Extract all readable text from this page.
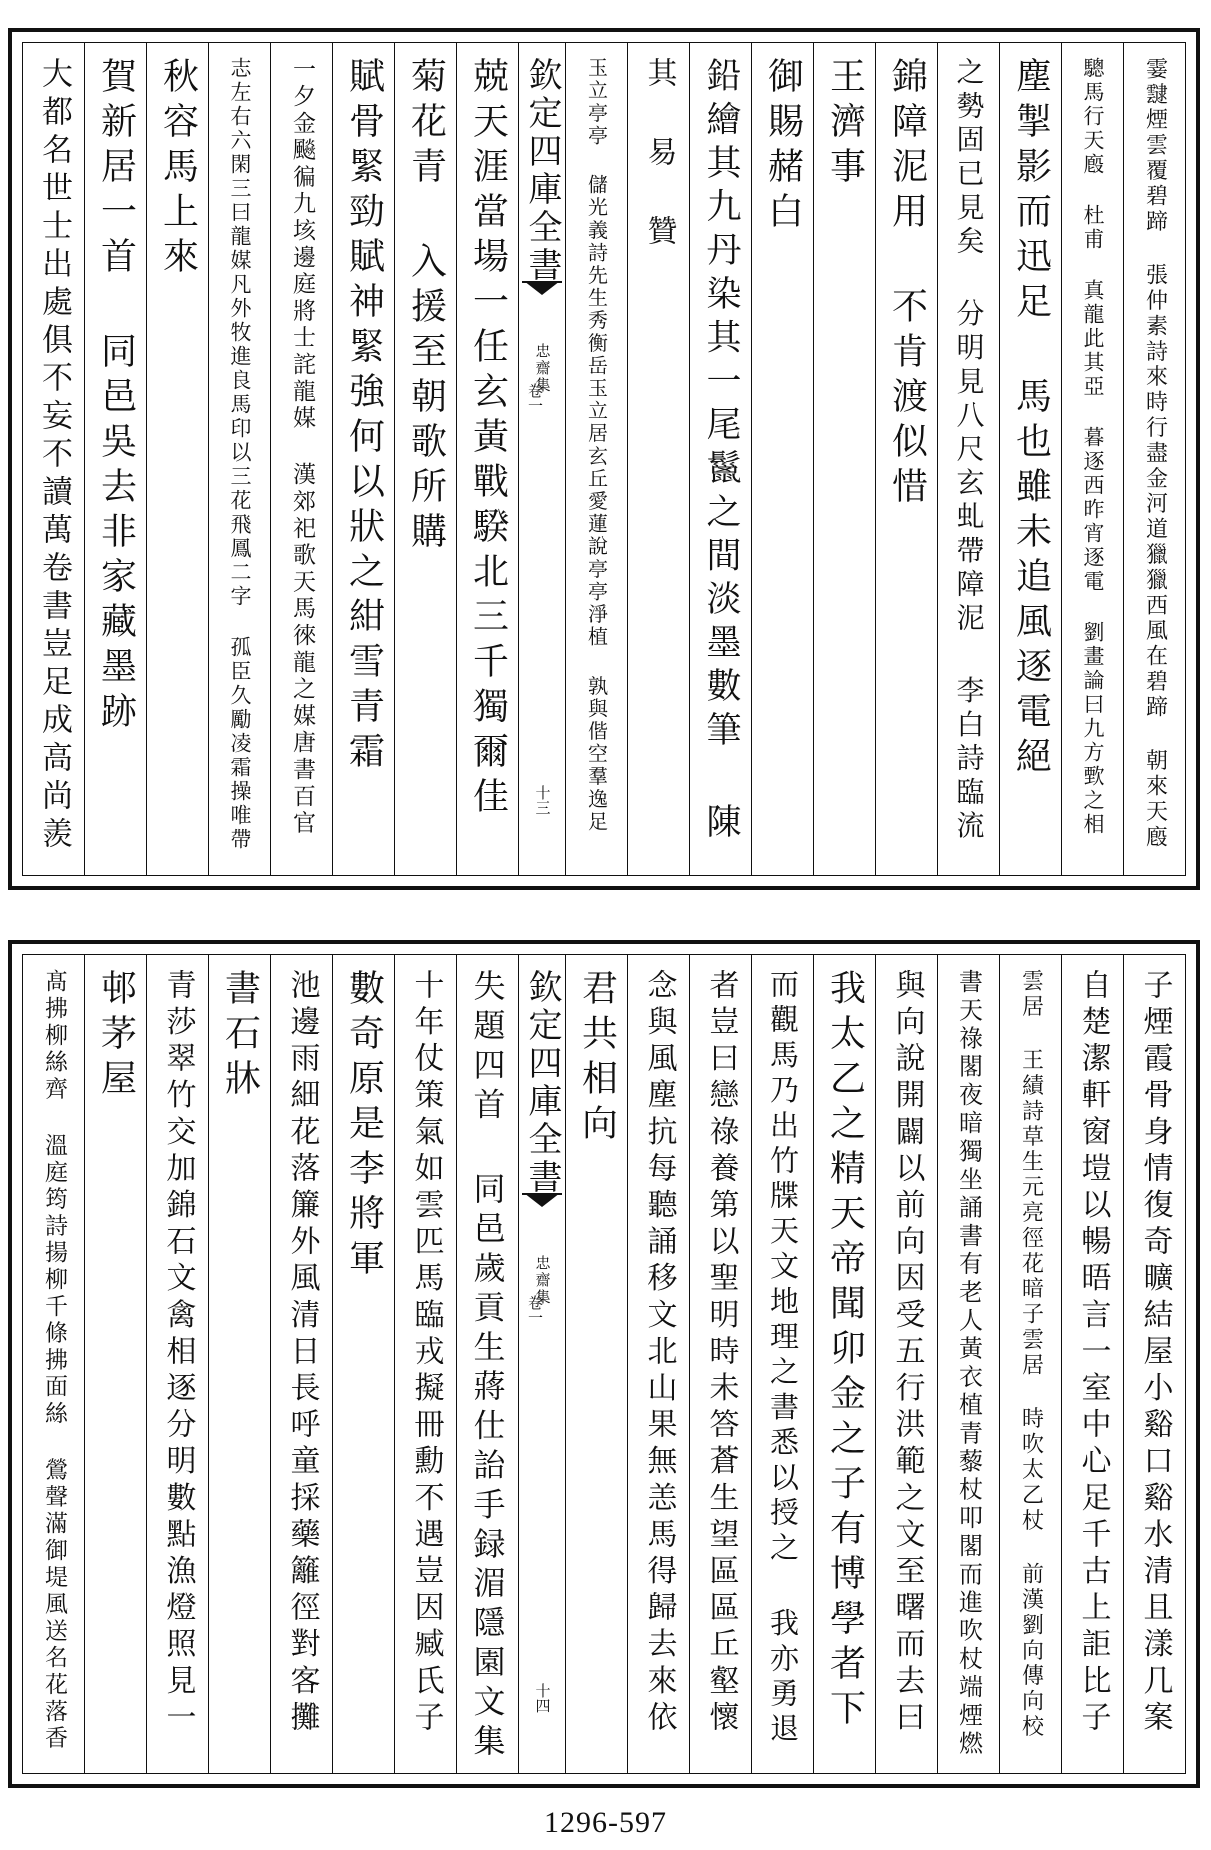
霎靆煙雲覆碧蹄 張仲素詩來時行盡金河道獵獵西風在碧蹄 朝來天廏
驄馬行天廏 杜甫 真龍此其亞 暮逐西昨宵逐電 劉畫論曰九方歅之相
塵掣影而迅足 馬也雖未追風逐電絕
之勢固已見矣 分明見八尺玄虬帶障泥 李白詩臨流
錦障泥用 不肯渡似惜
王濟事
御賜赭白
鉛繪其九丹染其一尾鬣之間淡墨數筆 陳
其 易 贊
玉立亭亭 儲光義詩先生秀衡岳玉立居玄丘愛蓮說亭亭淨植 孰與偕空羣逸足
欽定四庫全書
忠齋集
卷一
十三
兢天涯當場一任玄黃戰騤北三千獨爾佳
菊花青 入援至朝歌所購
賦骨緊勁賦神緊強何以狀之紺雪青霜
一夕金飈徧九垓邊庭將士詫龍媒 漢郊祀歌天馬徠龍之媒唐書百官
志左右六閑三曰龍媒凡外牧進良馬印以三花飛鳳二字 孤臣久勵凌霜操唯帶
秋容馬上來
賀新居一首 同邑吳去非家藏墨跡
大都名世士出處俱不妄不讀萬卷書豈足成高尚羨
子煙霞骨身情復奇曠結屋小谿口谿水清且漾几案
自楚潔軒窗塏以暢晤言一室中心足千古上詎比子
雲居 王績詩草生元亮徑花暗子雲居 時吹太乙杖 前漢劉向傳向校
書天祿閣夜暗獨坐誦書有老人黃衣植青藜杖叩閣而進吹杖端煙燃
與向說開闢以前向因受五行洪範之文至曙而去曰
我太乙之精天帝聞卯金之子有博學者下
而觀馬乃出竹牒天文地理之書悉以授之 我亦勇退
者豈曰戀祿養第以聖明時未答蒼生望區區丘壑懷
念與風塵抗每聽誦移文北山果無恙馬得歸去來依
君共相向
欽定四庫全書
忠齋集
卷一
十四
失題四首 同邑歲貢生蔣仕詒手録湄隱園文集
十年仗策氣如雲匹馬臨戎擬冊勳不遇豈因臧氏子
數奇原是李將軍
池邊雨細花落簾外風清日長呼童採藥籬徑對客攤
書石牀
青莎翠竹交加錦石文禽相逐分明數點漁燈照見一
邨茅屋
髙拂柳絲齊 溫庭筠詩揚柳千條拂面絲 鶯聲滿御堤風送名花落香
1296-597
